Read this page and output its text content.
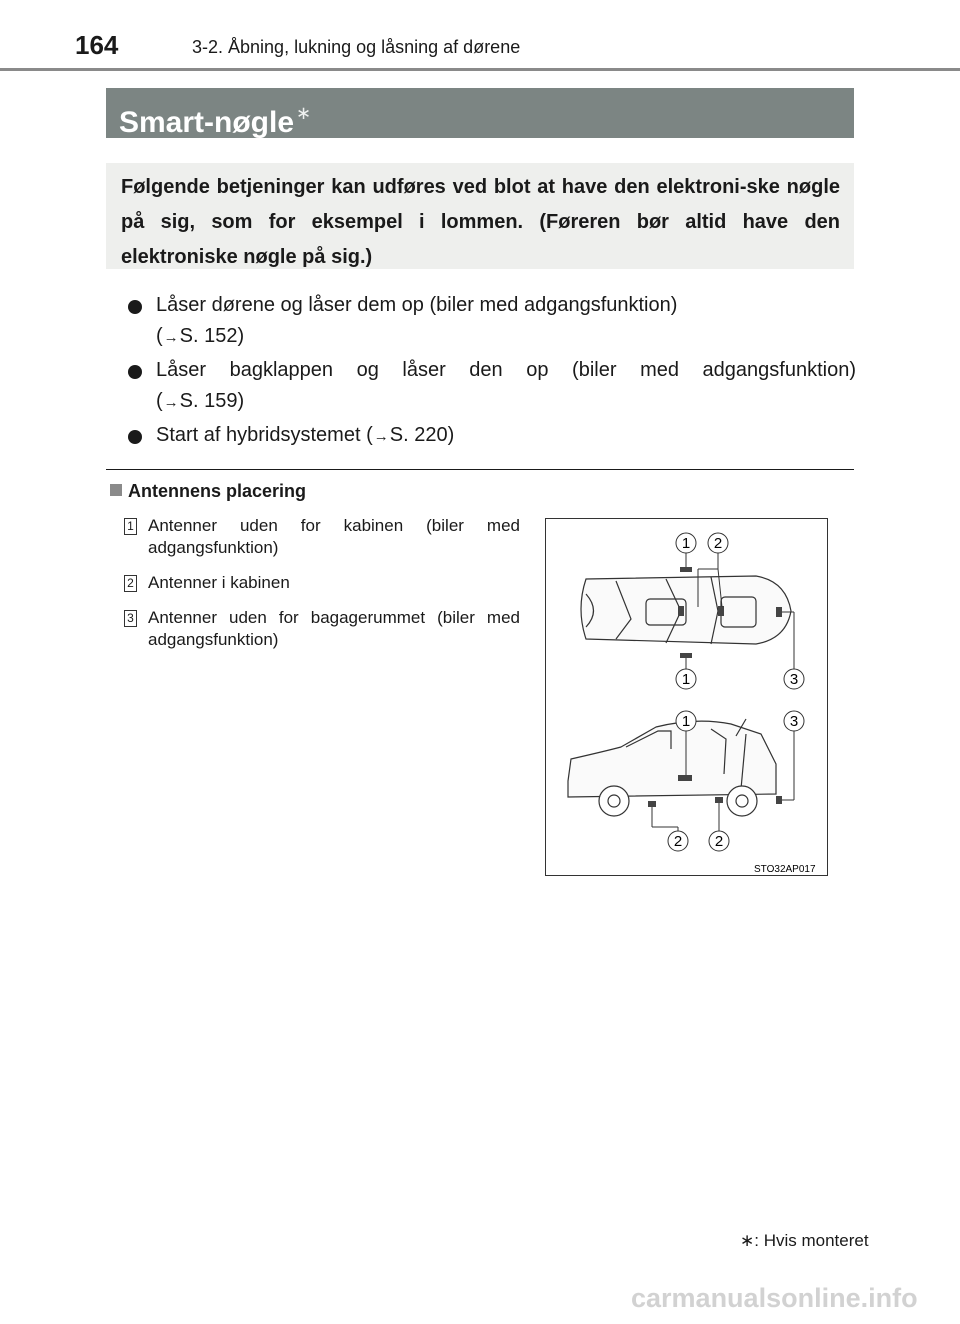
164	3-2. Åbning, lukning og låsning af dørene
Smart-nøgle ∗
Følgende betjeninger kan udføres ved blot at have den elektroni-ske nøgle på sig, som for eksempel i lommen. (Føreren bør altid have den elektroniske nøgle på sig.)
Låser dørene og låser dem op (biler med adgangsfunktion)
(→S. 152)
Låser bagklappen og låser den op (biler med adgangsfunktion)
(→S. 159)
Start af hybridsystemet (→S. 220)
Antennens placering
1 Antenner uden for kabinen (biler med adgangsfunktion)
2 Antenner i kabinen
3 Antenner uden for bagagerummet (biler med adgangsfunktion)
1 2
1	3
1	3
2 2
STO32AP017
∗: Hvis monteret
carmanualsonline.info
